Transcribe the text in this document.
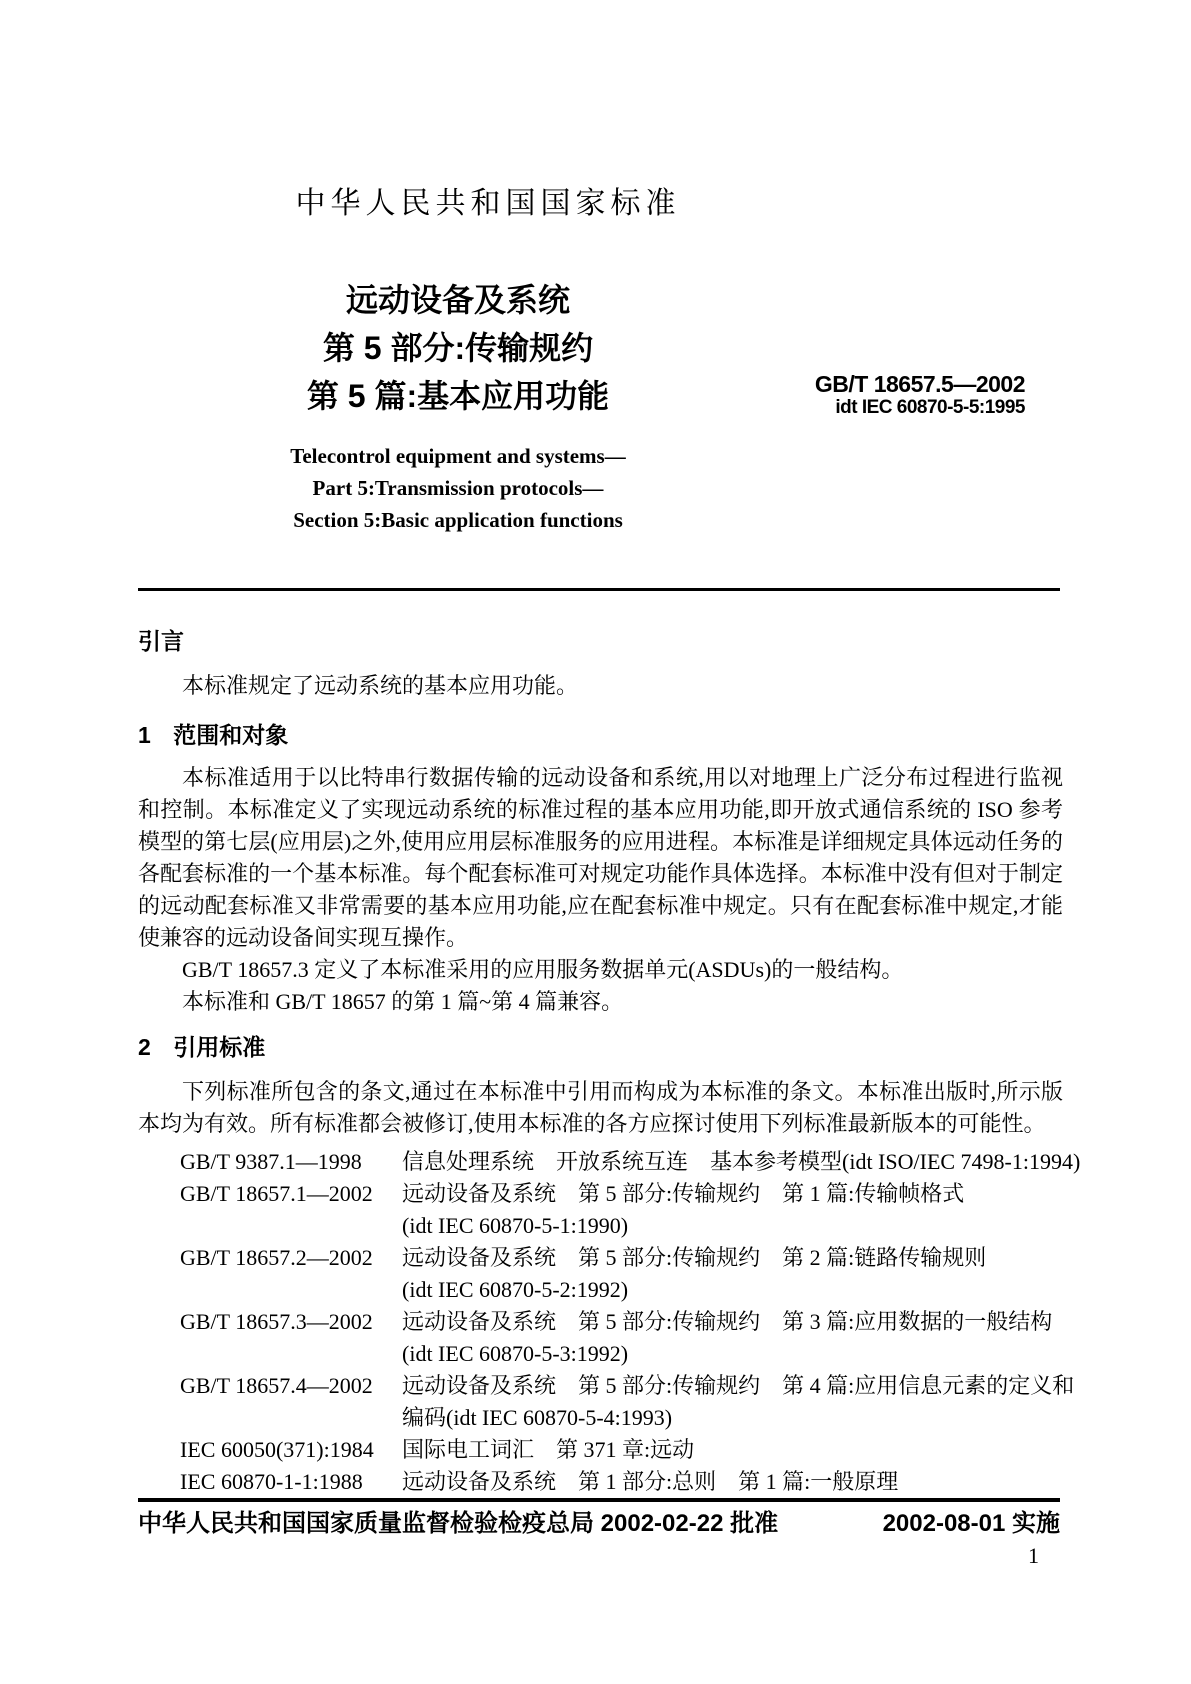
中华人民共和国国家标准
远动设备及系统
第 5 部分:传输规约
第 5 篇:基本应用功能	GB/T 18657.5—2002
idt IEC 60870-5-5:1995
Telecontrol equipment and systems—
Part 5:Transmission protocols—
Section 5:Basic application functions
引言

本标准规定了远动系统的基本应用功能。

1 范围和对象

本标准适用于以比特串行数据传输的远动设备和系统,用以对地理上广泛分布过程进行监视和控制。本标准定义了实现远动系统的标准过程的基本应用功能,即开放式通信系统的 ISO 参考模型的第七层(应用层)之外,使用应用层标准服务的应用进程。本标准是详细规定具体远动任务的各配套标准的一个基本标准。每个配套标准可对规定功能作具体选择。本标准中没有但对于制定的远动配套标准又非常需要的基本应用功能,应在配套标准中规定。只有在配套标准中规定,才能使兼容的远动设备间实现互操作。

GB/T 18657.3 定义了本标准采用的应用服务数据单元(ASDUs)的一般结构。

本标准和 GB/T 18657 的第 1 篇~第 4 篇兼容。

2 引用标准

下列标准所包含的条文,通过在本标准中引用而构成为本标准的条文。本标准出版时,所示版本均为有效。所有标准都会被修订,使用本标准的各方应探讨使用下列标准最新版本的可能性。

GB/T 9387.1—1998	信息处理系统　开放系统互连　基本参考模型(idt ISO/IEC 7498-1:1994)
GB/T 18657.1—2002	远动设备及系统　第 5 部分:传输规约　第 1 篇:传输帧格式
(idt IEC 60870-5-1:1990)
GB/T 18657.2—2002	远动设备及系统　第 5 部分:传输规约　第 2 篇:链路传输规则
(idt IEC 60870-5-2:1992)
GB/T 18657.3—2002	远动设备及系统　第 5 部分:传输规约　第 3 篇:应用数据的一般结构
(idt IEC 60870-5-3:1992)
GB/T 18657.4—2002	远动设备及系统　第 5 部分:传输规约　第 4 篇:应用信息元素的定义和
编码(idt IEC 60870-5-4:1993)
IEC 60050(371):1984	国际电工词汇　第 371 章:远动
IEC 60870-1-1:1988	远动设备及系统　第 1 部分:总则　第 1 篇:一般原理
中华人民共和国国家质量监督检验检疫总局 2002-02-22 批准	2002-08-01 实施
1
